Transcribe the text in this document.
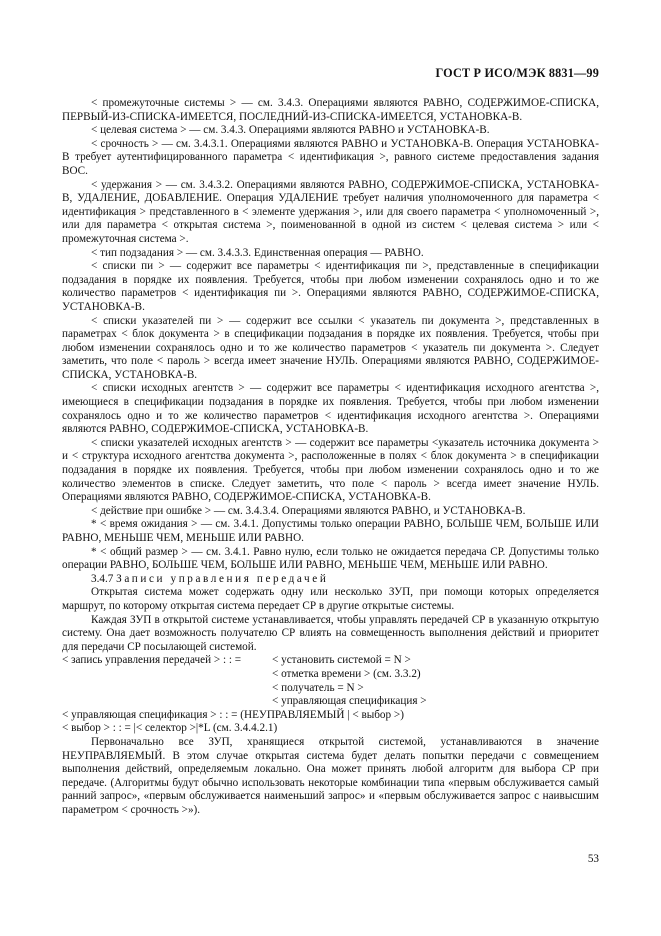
ГОСТ Р ИСО/МЭК 8831—99

< промежуточные системы > — см. 3.4.3. Операциями являются РАВНО, СОДЕРЖИМОЕ-СПИСКА, ПЕРВЫЙ-ИЗ-СПИСКА-ИМЕЕТСЯ, ПОСЛЕДНИЙ-ИЗ-СПИСКА-ИМЕЕТСЯ, УСТАНОВКА-В.

< целевая система > — см. 3.4.3. Операциями являются РАВНО и УСТАНОВКА-В.

< срочность > — см. 3.4.3.1. Операциями являются РАВНО и УСТАНОВКА-В. Операция УСТАНОВКА-В требует аутентифицированного параметра < идентификация >, равного системе предоставления задания ВОС.

< удержания > — см. 3.4.3.2. Операциями являются РАВНО, СОДЕРЖИМОЕ-СПИСКА, УСТАНОВКА-В, УДАЛЕНИЕ, ДОБАВЛЕНИЕ. Операция УДАЛЕНИЕ требует наличия уполномоченного для параметра < идентификация > представленного в < элементе удержания >, или для своего параметра < уполномоченный >, или для параметра < открытая система >, поименованной в одной из систем < целевая система > или < промежуточная система >.

< тип подзадания > — см. 3.4.3.3. Единственная операция — РАВНО.

< списки пи > — содержит все параметры < идентификация пи >, представленные в спецификации подзадания в порядке их появления. Требуется, чтобы при любом изменении сохранялось одно и то же количество параметров < идентификация пи >. Операциями являются РАВНО, СОДЕРЖИМОЕ-СПИСКА, УСТАНОВКА-В.

< списки указателей пи > — содержит все ссылки < указатель пи документа >, представленных в параметрах < блок документа > в спецификации подзадания в порядке их появления. Требуется, чтобы при любом изменении сохранялось одно и то же количество параметров < указатель пи документа >. Следует заметить, что поле < пароль > всегда имеет значение НУЛЬ. Операциями являются РАВНО, СОДЕРЖИМОЕ-СПИСКА, УСТАНОВКА-В.

< списки исходных агентств > — содержит все параметры < идентификация исходного агентства >, имеющиеся в спецификации подзадания в порядке их появления. Требуется, чтобы при любом изменении сохранялось одно и то же количество параметров < идентификация исходного агентства >. Операциями являются РАВНО, СОДЕРЖИМОЕ-СПИСКА, УСТАНОВКА-В.

< списки указателей исходных агентств > — содержит все параметры <указатель источника документа > и < структура исходного агентства документа >, расположенные в полях < блок документа > в спецификации подзадания в порядке их появления. Требуется, чтобы при любом изменении сохранялось одно и то же количество элементов в списке. Следует заметить, что поле < пароль > всегда имеет значение НУЛЬ. Операциями являются РАВНО, СОДЕРЖИМОЕ-СПИСКА, УСТАНОВКА-В.

< действие при ошибке > — см. 3.4.3.4. Операциями являются РАВНО, и УСТАНОВКА-В.

* < время ожидания > — см. 3.4.1. Допустимы только операции РАВНО, БОЛЬШЕ ЧЕМ, БОЛЬШЕ ИЛИ РАВНО, МЕНЬШЕ ЧЕМ, МЕНЬШЕ ИЛИ РАВНО.

* < общий размер > — см. 3.4.1. Равно нулю, если только не ожидается передача СР. Допустимы только операции РАВНО, БОЛЬШЕ ЧЕМ, БОЛЬШЕ ИЛИ РАВНО, МЕНЬШЕ ЧЕМ, МЕНЬШЕ ИЛИ РАВНО.

3.4.7 Записи управления передачей

Открытая система может содержать одну или несколько ЗУП, при помощи которых определяется маршрут, по которому открытая система передает СР в другие открытые системы.

Каждая ЗУП в открытой системе устанавливается, чтобы управлять передачей СР в указанную открытую систему. Она дает возможность получателю СР влиять на совмещенность выполнения действий и приоритет для передачи СР посылающей системой.

< запись управления передачей > : : =	< установить системой = N >
< отметка времени > (см. 3.3.2)
< получатель = N >
< управляющая спецификация >
< управляющая спецификация > : : = (НЕУПРАВЛЯЕМЫЙ | < выбор >)
< выбор > : : = |< селектор >|*L (см. 3.4.4.2.1)

Первоначально все ЗУП, хранящиеся открытой системой, устанавливаются в значение НЕУПРАВЛЯЕМЫЙ. В этом случае открытая система будет делать попытки передачи с совмещением выполнения действий, определяемым локально. Она может принять любой алгоритм для выбора СР при передаче. (Алгоритмы будут обычно использовать некоторые комбинации типа «первым обслуживается самый ранний запрос», «первым обслуживается наименьший запрос» и «первым обслуживается запрос с наивысшим параметром < срочность >»).

53
